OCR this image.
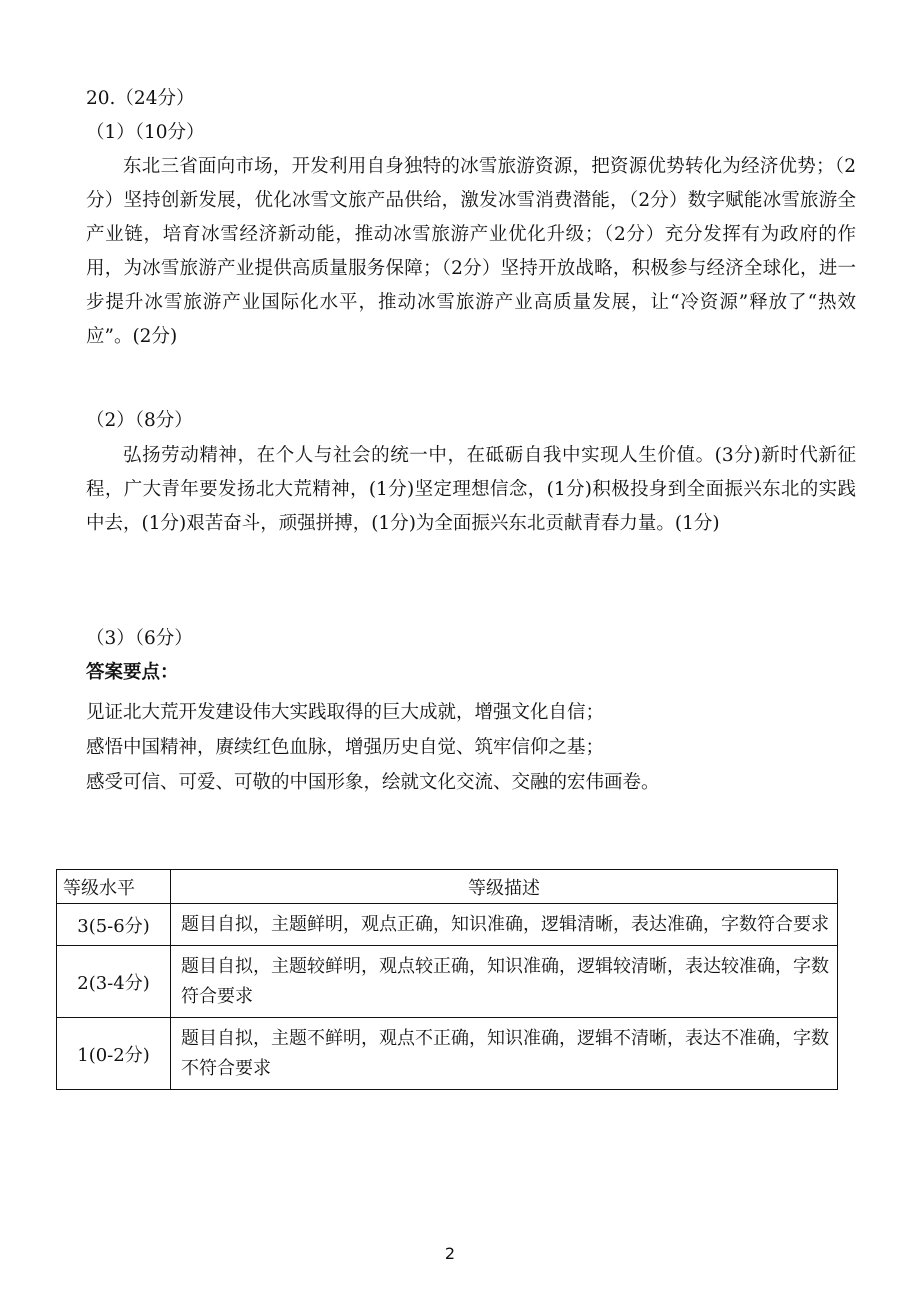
20.（24分）
（1）（10分）
东北三省面向市场，开发利用自身独特的冰雪旅游资源，把资源优势转化为经济优势；（2分）坚持创新发展，优化冰雪文旅产品供给，激发冰雪消费潜能，（2分）数字赋能冰雪旅游全产业链，培育冰雪经济新动能，推动冰雪旅游产业优化升级；（2分）充分发挥有为政府的作用，为冰雪旅游产业提供高质量服务保障；（2分）坚持开放战略，积极参与经济全球化，进一步提升冰雪旅游产业国际化水平，推动冰雪旅游产业高质量发展，让“冷资源”释放了“热效应”。(2分)
（2）（8分）
弘扬劳动精神，在个人与社会的统一中，在砥砺自我中实现人生价值。(3分)新时代新征程，广大青年要发扬北大荒精神，(1分)坚定理想信念，(1分)积极投身到全面振兴东北的实践中去，(1分)艰苦奋斗，顽强拼搏，(1分)为全面振兴东北贡献青春力量。(1分)
（3）（6分）
答案要点：
见证北大荒开发建设伟大实践取得的巨大成就，增强文化自信；
感悟中国精神，赓续红色血脉，增强历史自觉、筑牢信仰之基；
感受可信、可爱、可敬的中国形象，绘就文化交流、交融的宏伟画卷。
等级水平	等级描述
3(5-6分)	题目自拟，主题鲜明，观点正确，知识准确，逻辑清晰，表达准确，字数符合要求
2(3-4分)	题目自拟，主题较鲜明，观点较正确，知识准确，逻辑较清晰，表达较准确，字数符合要求
1(0-2分)	题目自拟，主题不鲜明，观点不正确，知识准确，逻辑不清晰，表达不准确，字数不符合要求
2
